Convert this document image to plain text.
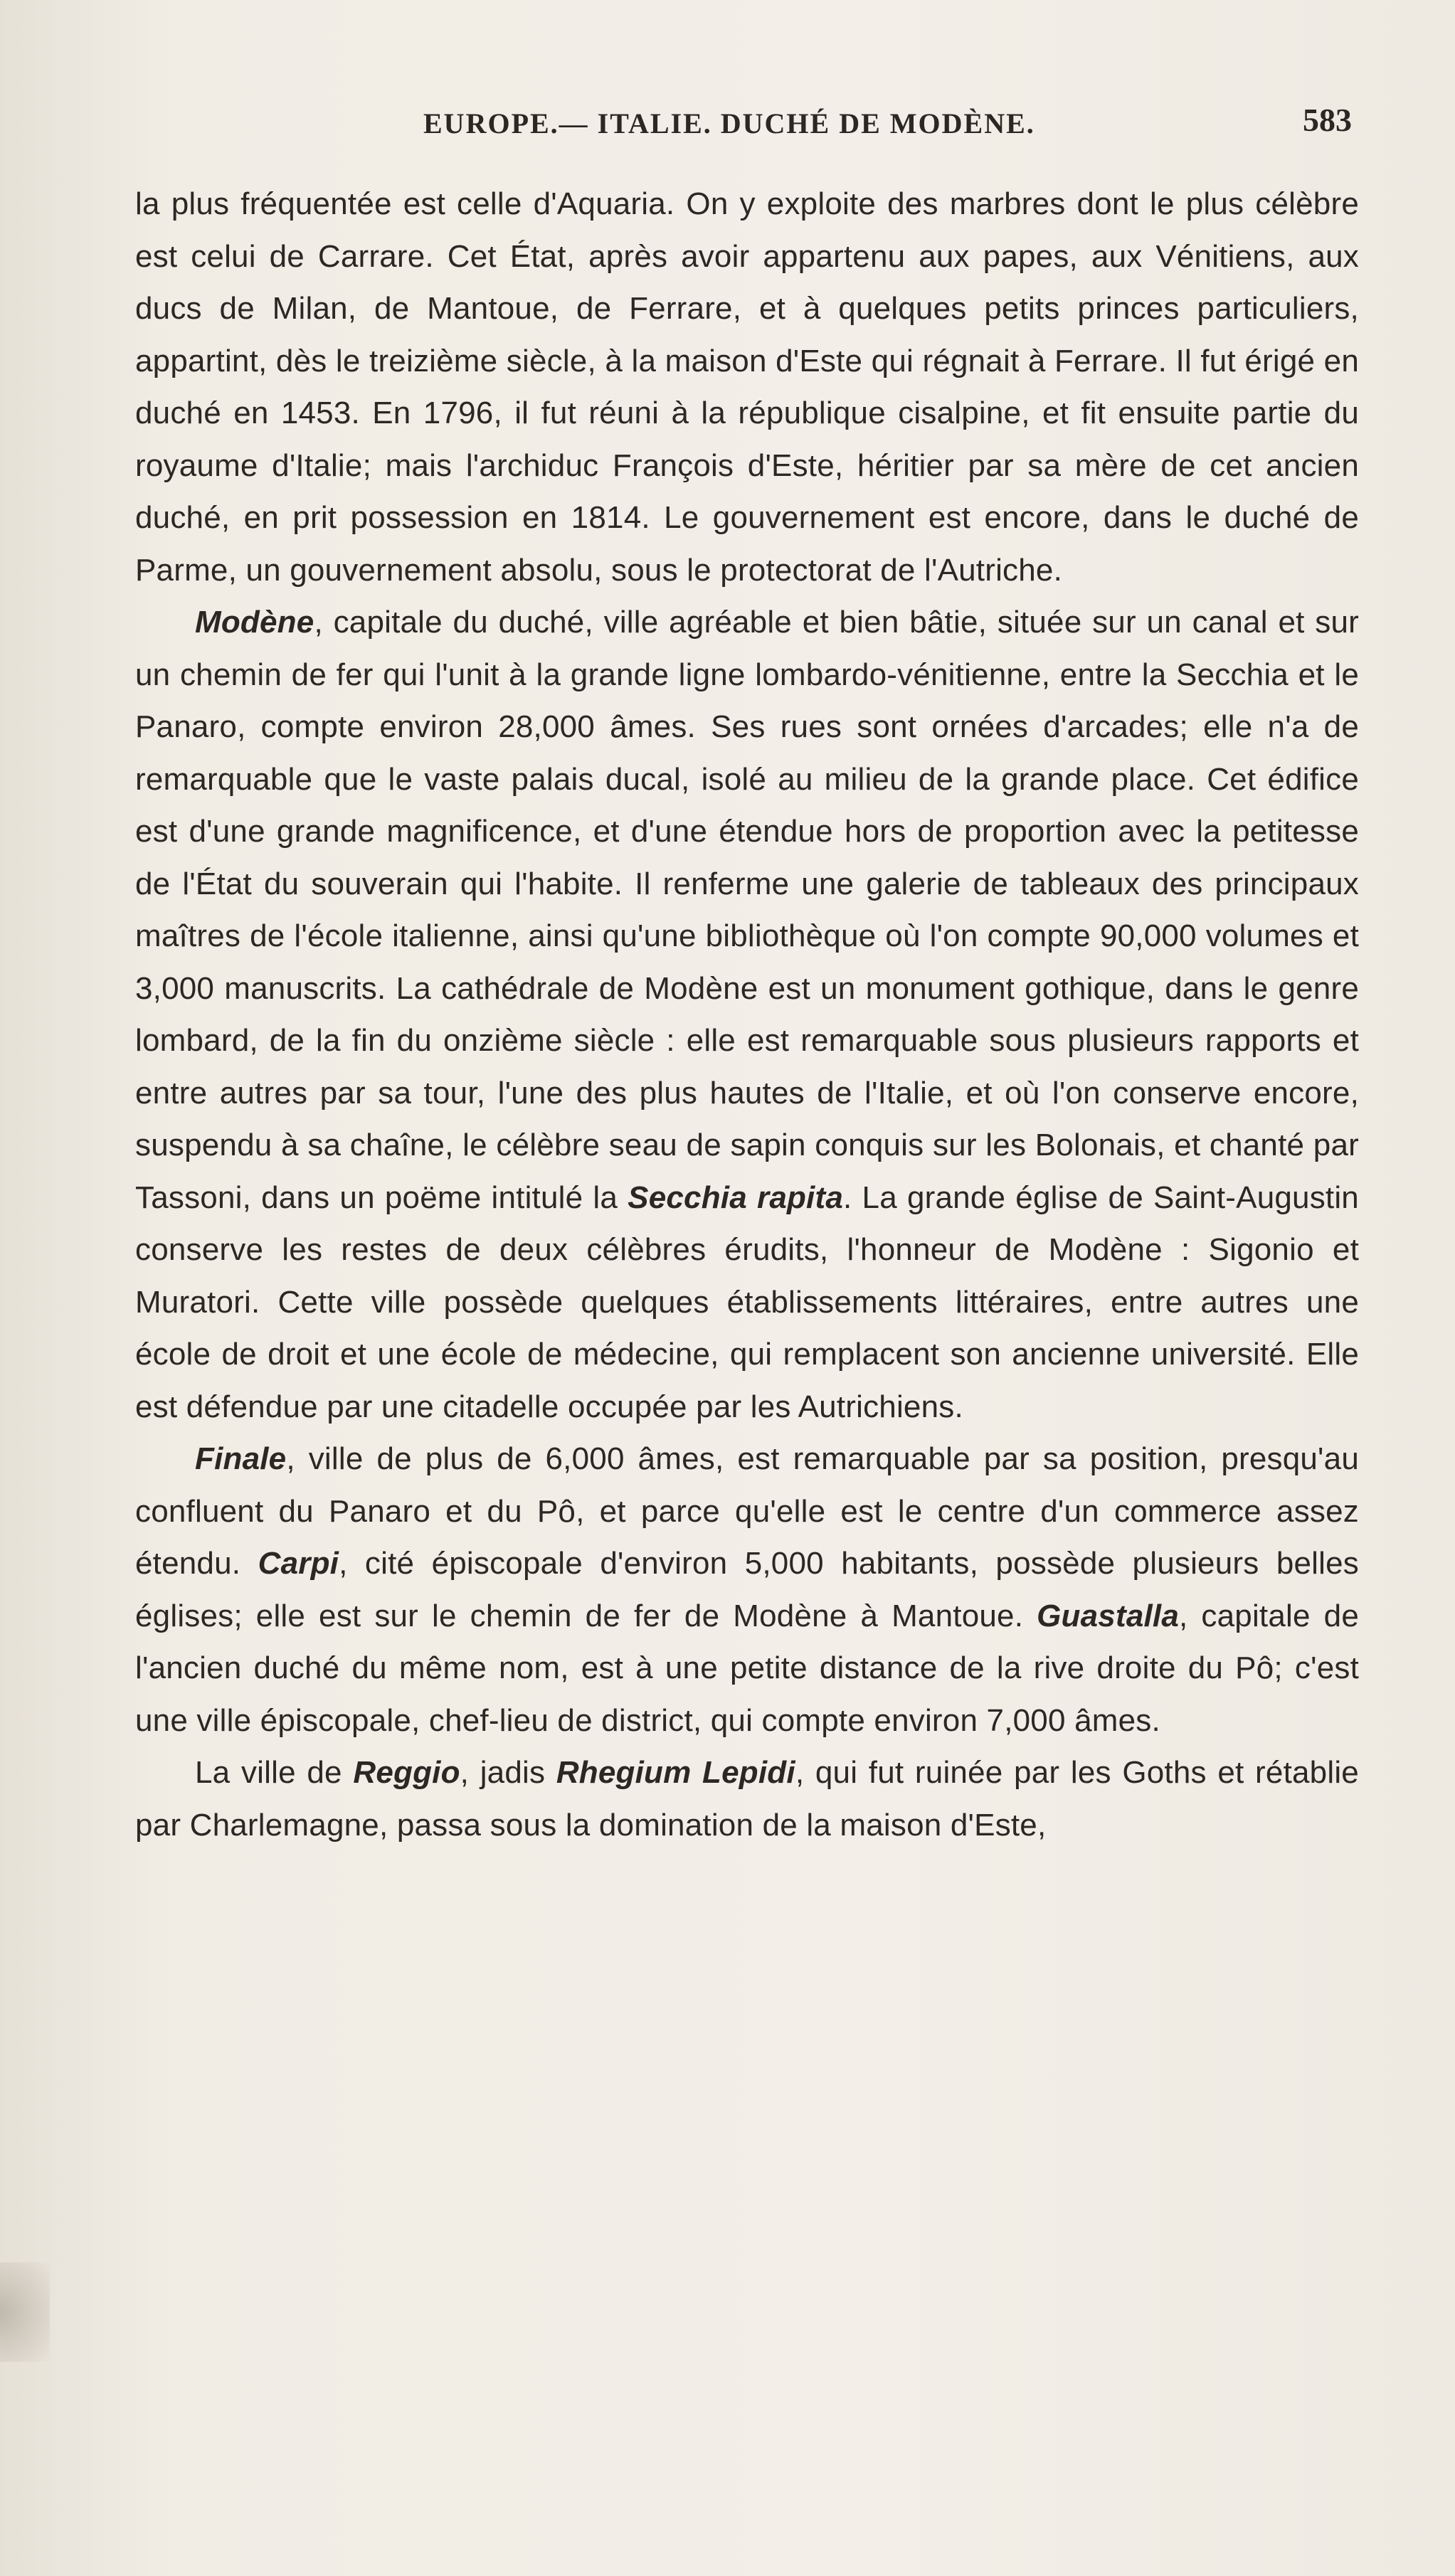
EUROPE.— ITALIE. DUCHÉ DE MODÈNE.	583

la plus fréquentée est celle d'Aquaria. On y exploite des marbres dont le plus célèbre est celui de Carrare. Cet État, après avoir appartenu aux papes, aux Vénitiens, aux ducs de Milan, de Mantoue, de Ferrare, et à quelques petits princes particuliers, appartint, dès le treizième siècle, à la maison d'Este qui régnait à Ferrare. Il fut érigé en duché en 1453. En 1796, il fut réuni à la république cisalpine, et fit ensuite partie du royaume d'Italie; mais l'archiduc François d'Este, héritier par sa mère de cet ancien duché, en prit possession en 1814. Le gouvernement est encore, dans le duché de Parme, un gouvernement absolu, sous le protectorat de l'Autriche.

Modène, capitale du duché, ville agréable et bien bâtie, située sur un canal et sur un chemin de fer qui l'unit à la grande ligne lombardo-vénitienne, entre la Secchia et le Panaro, compte environ 28,000 âmes. Ses rues sont ornées d'arcades; elle n'a de remarquable que le vaste palais ducal, isolé au milieu de la grande place. Cet édifice est d'une grande magnificence, et d'une étendue hors de proportion avec la petitesse de l'État du souverain qui l'habite. Il renferme une galerie de tableaux des principaux maîtres de l'école italienne, ainsi qu'une bibliothèque où l'on compte 90,000 volumes et 3,000 manuscrits. La cathédrale de Modène est un monument gothique, dans le genre lombard, de la fin du onzième siècle : elle est remarquable sous plusieurs rapports et entre autres par sa tour, l'une des plus hautes de l'Italie, et où l'on conserve encore, suspendu à sa chaîne, le célèbre seau de sapin conquis sur les Bolonais, et chanté par Tassoni, dans un poëme intitulé la Secchia rapita. La grande église de Saint-Augustin conserve les restes de deux célèbres érudits, l'honneur de Modène : Sigonio et Muratori. Cette ville possède quelques établissements littéraires, entre autres une école de droit et une école de médecine, qui remplacent son ancienne université. Elle est défendue par une citadelle occupée par les Autrichiens.

Finale, ville de plus de 6,000 âmes, est remarquable par sa position, presqu'au confluent du Panaro et du Pô, et parce qu'elle est le centre d'un commerce assez étendu. Carpi, cité épiscopale d'environ 5,000 habitants, possède plusieurs belles églises; elle est sur le chemin de fer de Modène à Mantoue. Guastalla, capitale de l'ancien duché du même nom, est à une petite distance de la rive droite du Pô; c'est une ville épiscopale, chef-lieu de district, qui compte environ 7,000 âmes.

La ville de Reggio, jadis Rhegium Lepidi, qui fut ruinée par les Goths et rétablie par Charlemagne, passa sous la domination de la maison d'Este,
